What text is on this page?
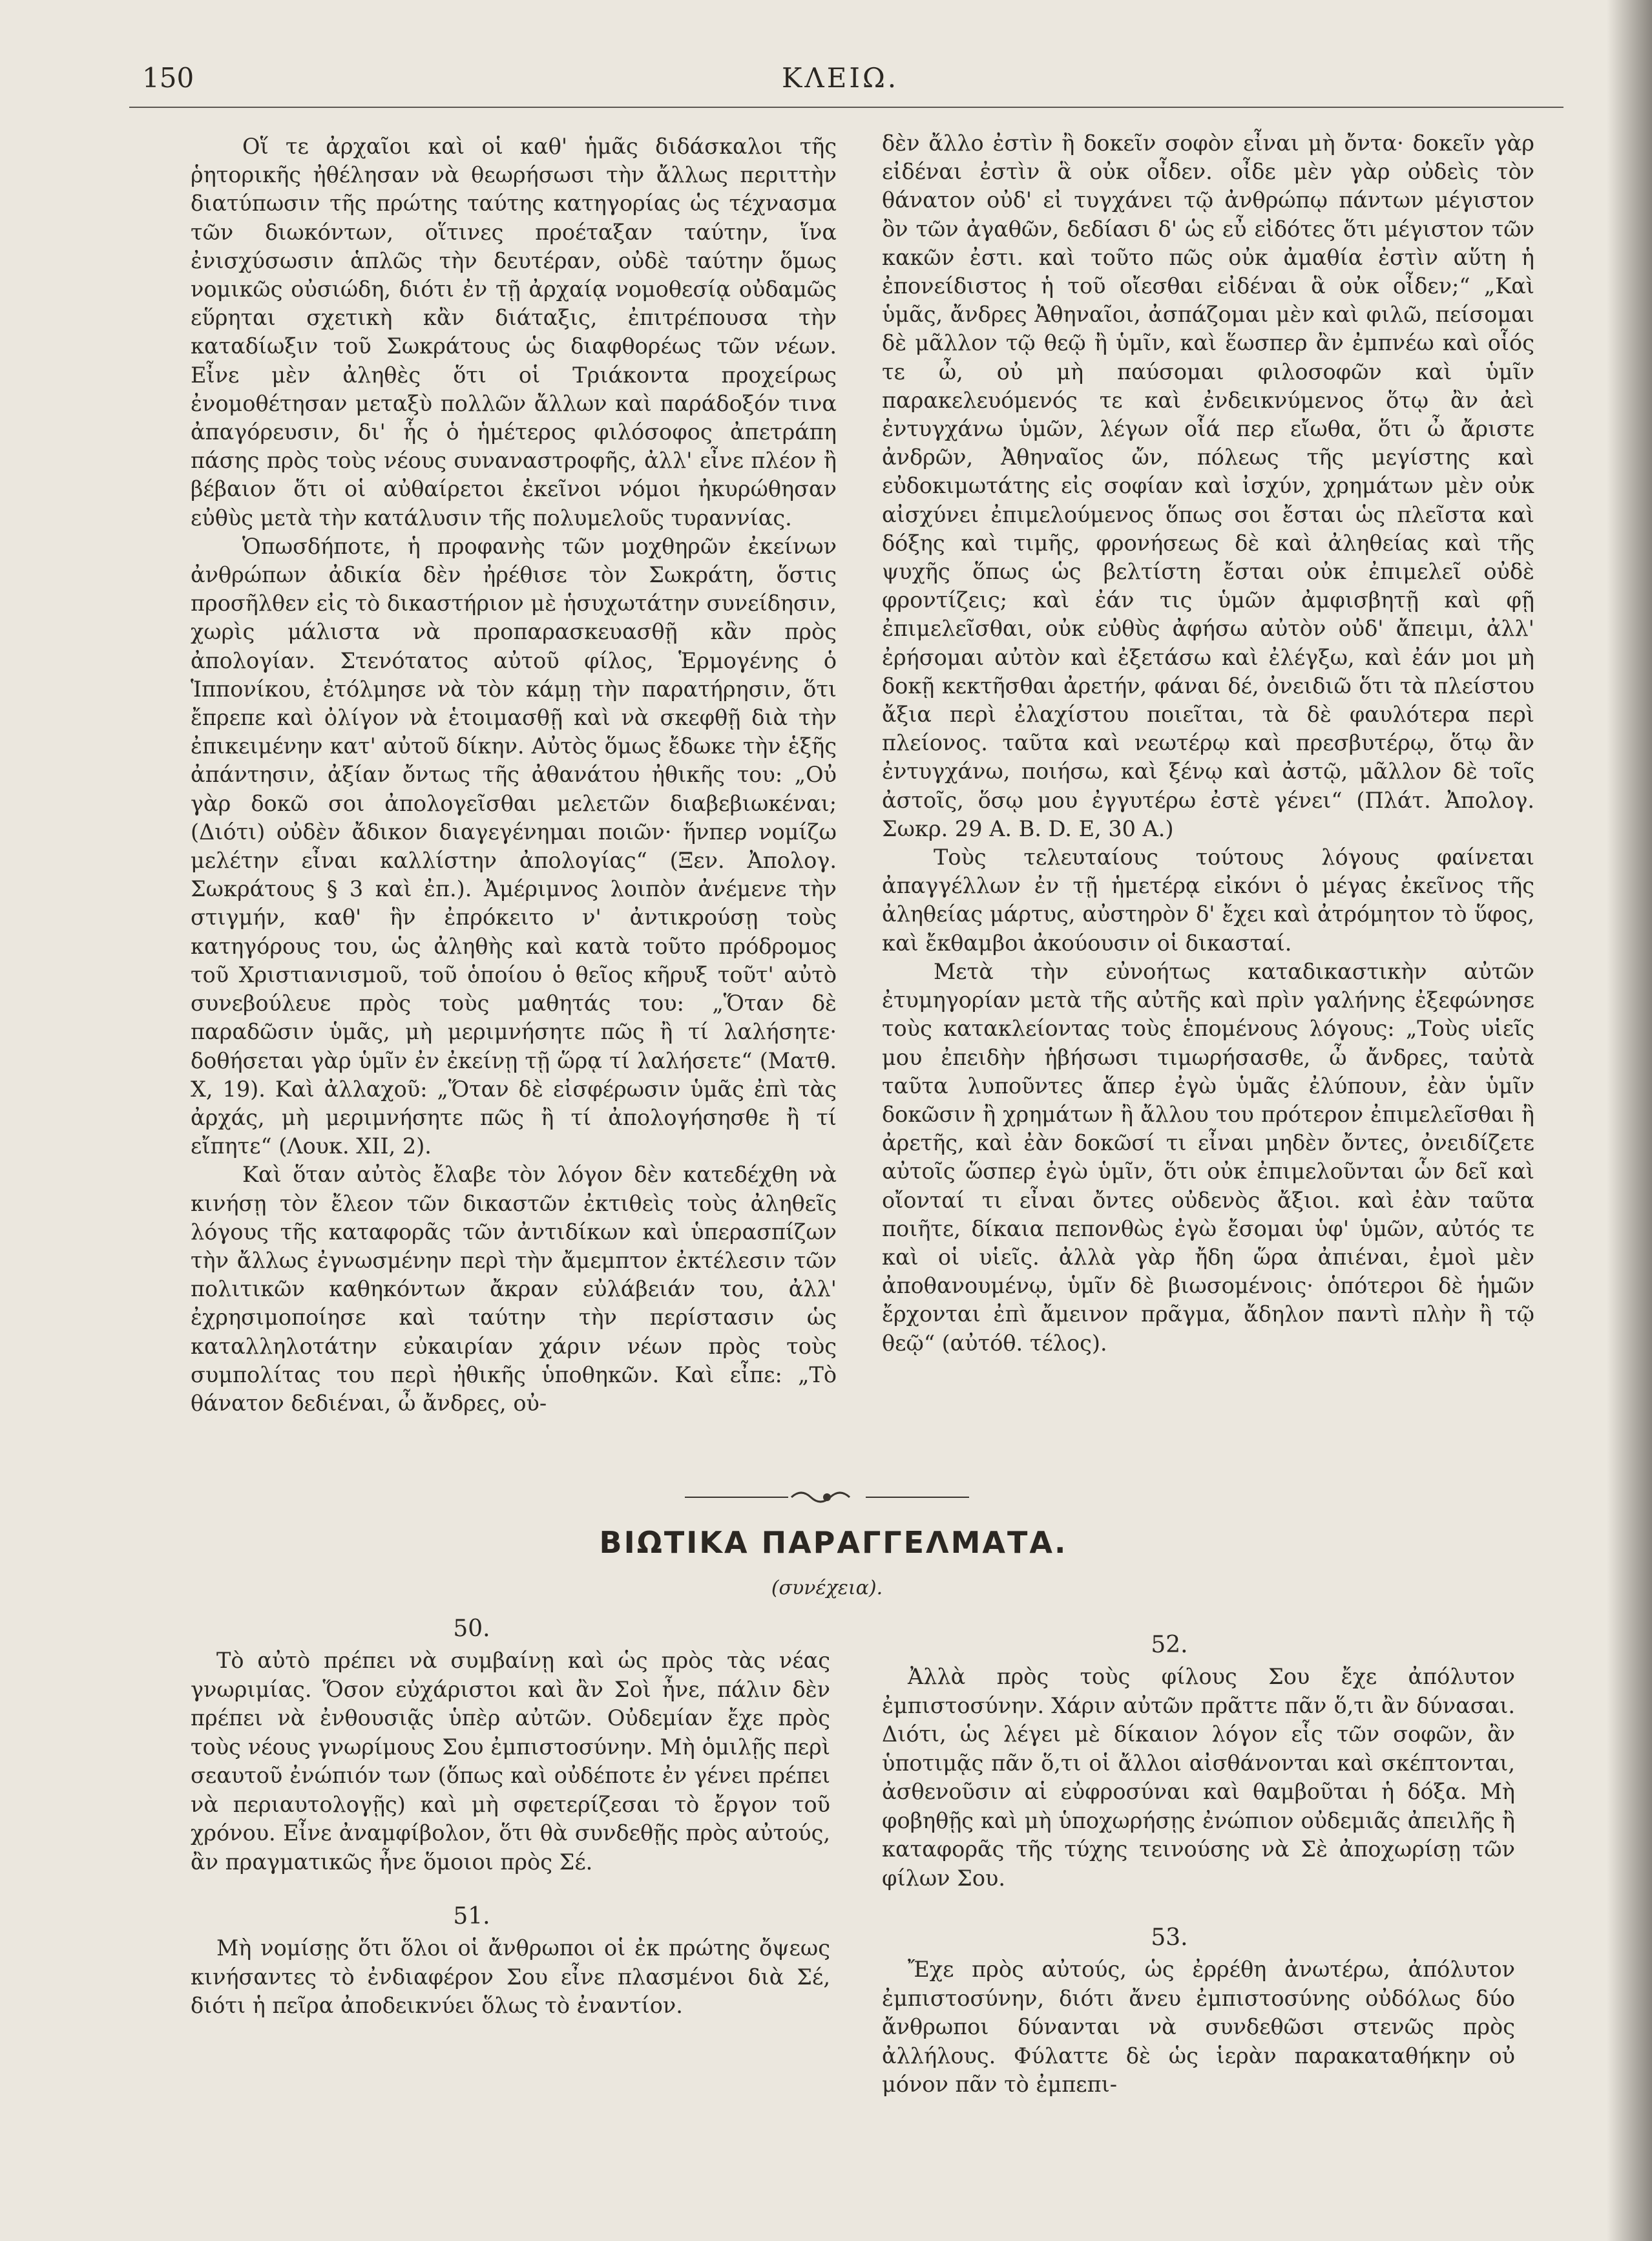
150	ΚΛΕΙΩ.

Οἵ τε ἀρχαῖοι καὶ οἱ καθ' ἡμᾶς διδάσκαλοι τῆς ῥητορικῆς ἠθέλησαν νὰ θεωρήσωσι τὴν ἄλλως περιττὴν διατύπωσιν τῆς πρώτης ταύτης κατηγορίας ὡς τέχνασμα τῶν διωκόντων, οἵτινες προέταξαν ταύτην, ἵνα ἐνισχύσωσιν ἁπλῶς τὴν δευτέραν, οὐδὲ ταύτην ὅμως νομικῶς οὐσιώδη, διότι ἐν τῇ ἀρχαίᾳ νομοθεσίᾳ οὐδαμῶς εὕρηται σχετικὴ κἂν διάταξις, ἐπιτρέπουσα τὴν καταδίωξιν τοῦ Σωκράτους ὡς διαφθορέως τῶν νέων. Εἶνε μὲν ἀληθὲς ὅτι οἱ Τριάκοντα προχείρως ἐνομοθέτησαν μεταξὺ πολλῶν ἄλλων καὶ παράδοξόν τινα ἀπαγόρευσιν, δι' ἧς ὁ ἡμέτερος φιλόσοφος ἀπετράπη πάσης πρὸς τοὺς νέους συναναστροφῆς, ἀλλ' εἶνε πλέον ἢ βέβαιον ὅτι οἱ αὐθαίρετοι ἐκεῖνοι νόμοι ἠκυρώθησαν εὐθὺς μετὰ τὴν κατάλυσιν τῆς πολυμελοῦς τυραννίας.

Ὁπωσδήποτε, ἡ προφανὴς τῶν μοχθηρῶν ἐκείνων ἀνθρώπων ἀδικία δὲν ἠρέθισε τὸν Σωκράτη, ὅστις προσῆλθεν εἰς τὸ δικαστήριον μὲ ἡσυχωτάτην συνείδησιν, χωρὶς μάλιστα νὰ προπαρασκευασθῇ κἂν πρὸς ἀπολογίαν. Στενότατος αὐτοῦ φίλος, Ἑρμογένης ὁ Ἱππονίκου, ἐτόλμησε νὰ τὸν κάμῃ τὴν παρατήρησιν, ὅτι ἔπρεπε καὶ ὀλίγον νὰ ἑτοιμασθῇ καὶ νὰ σκεφθῇ διὰ τὴν ἐπικειμένην κατ' αὐτοῦ δίκην. Αὐτὸς ὅμως ἔδωκε τὴν ἑξῆς ἀπάντησιν, ἀξίαν ὄντως τῆς ἀθανάτου ἠθικῆς του: „Οὐ γὰρ δοκῶ σοι ἀπολογεῖσθαι μελετῶν διαβεβιωκέναι; (Διότι) οὐδὲν ἄδικον διαγεγένημαι ποιῶν· ἥνπερ νομίζω μελέτην εἶναι καλλίστην ἀπολογίας“ (Ξεν. Ἀπολογ. Σωκράτους § 3 καὶ ἐπ.). Ἀμέριμνος λοιπὸν ἀνέμενε τὴν στιγμήν, καθ' ἣν ἐπρόκειτο ν' ἀντικρούσῃ τοὺς κατηγόρους του, ὡς ἀληθὴς καὶ κατὰ τοῦτο πρόδρομος τοῦ Χριστιανισμοῦ, τοῦ ὁποίου ὁ θεῖος κῆρυξ τοῦτ' αὐτὸ συνεβούλευε πρὸς τοὺς μαθητάς του: „Ὅταν δὲ παραδῶσιν ὑμᾶς, μὴ μεριμνήσητε πῶς ἢ τί λαλήσητε· δοθήσεται γὰρ ὑμῖν ἐν ἐκείνῃ τῇ ὥρᾳ τί λαλήσετε“ (Ματθ. Χ, 19). Καὶ ἀλλαχοῦ: „Ὅταν δὲ εἰσφέρωσιν ὑμᾶς ἐπὶ τὰς ἀρχάς, μὴ μεριμνήσητε πῶς ἢ τί ἀπολογήσησθε ἢ τί εἴπητε“ (Λουκ. XII, 2).

Καὶ ὅταν αὐτὸς ἔλαβε τὸν λόγον δὲν κατεδέχθη νὰ κινήσῃ τὸν ἔλεον τῶν δικαστῶν ἐκτιθεὶς τοὺς ἀληθεῖς λόγους τῆς καταφορᾶς τῶν ἀντιδίκων καὶ ὑπερασπίζων τὴν ἄλλως ἐγνωσμένην περὶ τὴν ἄμεμπτον ἐκτέλεσιν τῶν πολιτικῶν καθηκόντων ἄκραν εὐλάβειάν του, ἀλλ' ἐχρησιμοποίησε καὶ ταύτην τὴν περίστασιν ὡς καταλληλοτάτην εὐκαιρίαν χάριν νέων πρὸς τοὺς συμπολίτας του περὶ ἠθικῆς ὑποθηκῶν. Καὶ εἶπε: „Τὸ θάνατον δεδιέναι, ὦ ἄνδρες, οὐ-

δὲν ἄλλο ἐστὶν ἢ δοκεῖν σοφὸν εἶναι μὴ ὄντα· δοκεῖν γὰρ εἰδέναι ἐστὶν ἃ οὐκ οἶδεν. οἶδε μὲν γὰρ οὐδεὶς τὸν θάνατον οὐδ' εἰ τυγχάνει τῷ ἀνθρώπῳ πάντων μέγιστον ὂν τῶν ἀγαθῶν, δεδίασι δ' ὡς εὖ εἰδότες ὅτι μέγιστον τῶν κακῶν ἐστι. καὶ τοῦτο πῶς οὐκ ἀμαθία ἐστὶν αὕτη ἡ ἐπονείδιστος ἡ τοῦ οἴεσθαι εἰδέναι ἃ οὐκ οἶδεν;“ „Καὶ ὑμᾶς, ἄνδρες Ἀθηναῖοι, ἀσπάζομαι μὲν καὶ φιλῶ, πείσομαι δὲ μᾶλλον τῷ θεῷ ἢ ὑμῖν, καὶ ἕωσπερ ἂν ἐμπνέω καὶ οἷός τε ὦ, οὐ μὴ παύσομαι φιλοσοφῶν καὶ ὑμῖν παρακελευόμενός τε καὶ ἐνδεικνύμενος ὅτῳ ἂν ἀεὶ ἐντυγχάνω ὑμῶν, λέγων οἷά περ εἴωθα, ὅτι ὦ ἄριστε ἀνδρῶν, Ἀθηναῖος ὤν, πόλεως τῆς μεγίστης καὶ εὐδοκιμωτάτης εἰς σοφίαν καὶ ἰσχύν, χρημάτων μὲν οὐκ αἰσχύνει ἐπιμελούμενος ὅπως σοι ἔσται ὡς πλεῖστα καὶ δόξης καὶ τιμῆς, φρονήσεως δὲ καὶ ἀληθείας καὶ τῆς ψυχῆς ὅπως ὡς βελτίστη ἔσται οὐκ ἐπιμελεῖ οὐδὲ φροντίζεις; καὶ ἐάν τις ὑμῶν ἀμφισβητῇ καὶ φῇ ἐπιμελεῖσθαι, οὐκ εὐθὺς ἀφήσω αὐτὸν οὐδ' ἄπειμι, ἀλλ' ἐρήσομαι αὐτὸν καὶ ἐξετάσω καὶ ἐλέγξω, καὶ ἐάν μοι μὴ δοκῇ κεκτῆσθαι ἀρετήν, φάναι δέ, ὀνειδιῶ ὅτι τὰ πλείστου ἄξια περὶ ἐλαχίστου ποιεῖται, τὰ δὲ φαυλότερα περὶ πλείονος. ταῦτα καὶ νεωτέρῳ καὶ πρεσβυτέρῳ, ὅτῳ ἂν ἐντυγχάνω, ποιήσω, καὶ ξένῳ καὶ ἀστῷ, μᾶλλον δὲ τοῖς ἀστοῖς, ὅσῳ μου ἐγγυτέρω ἐστὲ γένει“ (Πλάτ. Ἀπολογ. Σωκρ. 29 Α. Β. D. Ε, 30 Α.)

Τοὺς τελευταίους τούτους λόγους φαίνεται ἀπαγγέλλων ἐν τῇ ἡμετέρᾳ εἰκόνι ὁ μέγας ἐκεῖνος τῆς ἀληθείας μάρτυς, αὐστηρὸν δ' ἔχει καὶ ἀτρόμητον τὸ ὕφος, καὶ ἔκθαμβοι ἀκούουσιν οἱ δικασταί.

Μετὰ τὴν εὐνοήτως καταδικαστικὴν αὐτῶν ἐτυμηγορίαν μετὰ τῆς αὐτῆς καὶ πρὶν γαλήνης ἐξεφώνησε τοὺς κατακλείοντας τοὺς ἑπομένους λόγους: „Τοὺς υἱεῖς μου ἐπειδὴν ἡβήσωσι τιμωρήσασθε, ὦ ἄνδρες, ταὐτὰ ταῦτα λυποῦντες ἅπερ ἐγὼ ὑμᾶς ἐλύπουν, ἐὰν ὑμῖν δοκῶσιν ἢ χρημάτων ἢ ἄλλου του πρότερον ἐπιμελεῖσθαι ἢ ἀρετῆς, καὶ ἐὰν δοκῶσί τι εἶναι μηδὲν ὄντες, ὀνειδίζετε αὐτοῖς ὥσπερ ἐγὼ ὑμῖν, ὅτι οὐκ ἐπιμελοῦνται ὧν δεῖ καὶ οἴονταί τι εἶναι ὄντες οὐδενὸς ἄξιοι. καὶ ἐὰν ταῦτα ποιῆτε, δίκαια πεπονθὼς ἐγὼ ἔσομαι ὑφ' ὑμῶν, αὐτός τε καὶ οἱ υἱεῖς. ἀλλὰ γὰρ ἤδη ὥρα ἀπιέναι, ἐμοὶ μὲν ἀποθανουμένῳ, ὑμῖν δὲ βιωσομένοις· ὁπότεροι δὲ ἡμῶν ἔρχονται ἐπὶ ἄμεινον πρᾶγμα, ἄδηλον παντὶ πλὴν ἢ τῷ θεῷ“ (αὐτόθ. τέλος).

ΒΙΩΤΙΚΑ ΠΑΡΑΓΓΕΛΜΑΤΑ.
(συνέχεια).
50.

Τὸ αὐτὸ πρέπει νὰ συμβαίνῃ καὶ ὡς πρὸς τὰς νέας γνωριμίας. Ὅσον εὐχάριστοι καὶ ἂν Σοὶ ἦνε, πάλιν δὲν πρέπει νὰ ἐνθουσιᾷς ὑπὲρ αὐτῶν. Οὐδεμίαν ἔχε πρὸς τοὺς νέους γνωρίμους Σου ἐμπιστοσύνην. Μὴ ὁμιλῇς περὶ σεαυτοῦ ἐνώπιόν των (ὅπως καὶ οὐδέποτε ἐν γένει πρέπει νὰ περιαυτολογῇς) καὶ μὴ σφετερίζεσαι τὸ ἔργον τοῦ χρόνου. Εἶνε ἀναμφίβολον, ὅτι θὰ συνδεθῇς πρὸς αὐτούς, ἂν πραγματικῶς ἦνε ὅμοιοι πρὸς Σέ.

51.

Μὴ νομίσῃς ὅτι ὅλοι οἱ ἄνθρωποι οἱ ἐκ πρώτης ὄψεως κινήσαντες τὸ ἐνδιαφέρον Σου εἶνε πλασμένοι διὰ Σέ, διότι ἡ πεῖρα ἀποδεικνύει ὅλως τὸ ἐναντίον.

52.

Ἀλλὰ πρὸς τοὺς φίλους Σου ἔχε ἀπόλυτον ἐμπιστοσύνην. Χάριν αὐτῶν πρᾶττε πᾶν ὅ,τι ἂν δύνασαι. Διότι, ὡς λέγει μὲ δίκαιον λόγον εἷς τῶν σοφῶν, ἂν ὑποτιμᾷς πᾶν ὅ,τι οἱ ἄλλοι αἰσθάνονται καὶ σκέπτονται, ἀσθενοῦσιν αἱ εὐφροσύναι καὶ θαμβοῦται ἡ δόξα. Μὴ φοβηθῇς καὶ μὴ ὑποχωρήσῃς ἐνώπιον οὐδεμιᾶς ἀπειλῆς ἢ καταφορᾶς τῆς τύχης τεινούσης νὰ Σὲ ἀποχωρίσῃ τῶν φίλων Σου.

53.

Ἔχε πρὸς αὐτούς, ὡς ἐρρέθη ἀνωτέρω, ἀπόλυτον ἐμπιστοσύνην, διότι ἄνευ ἐμπιστοσύνης οὐδόλως δύο ἄνθρωποι δύνανται νὰ συνδεθῶσι στενῶς πρὸς ἀλλήλους. Φύλαττε δὲ ὡς ἱερὰν παρακαταθήκην οὐ μόνον πᾶν τὸ ἐμπεπι-
